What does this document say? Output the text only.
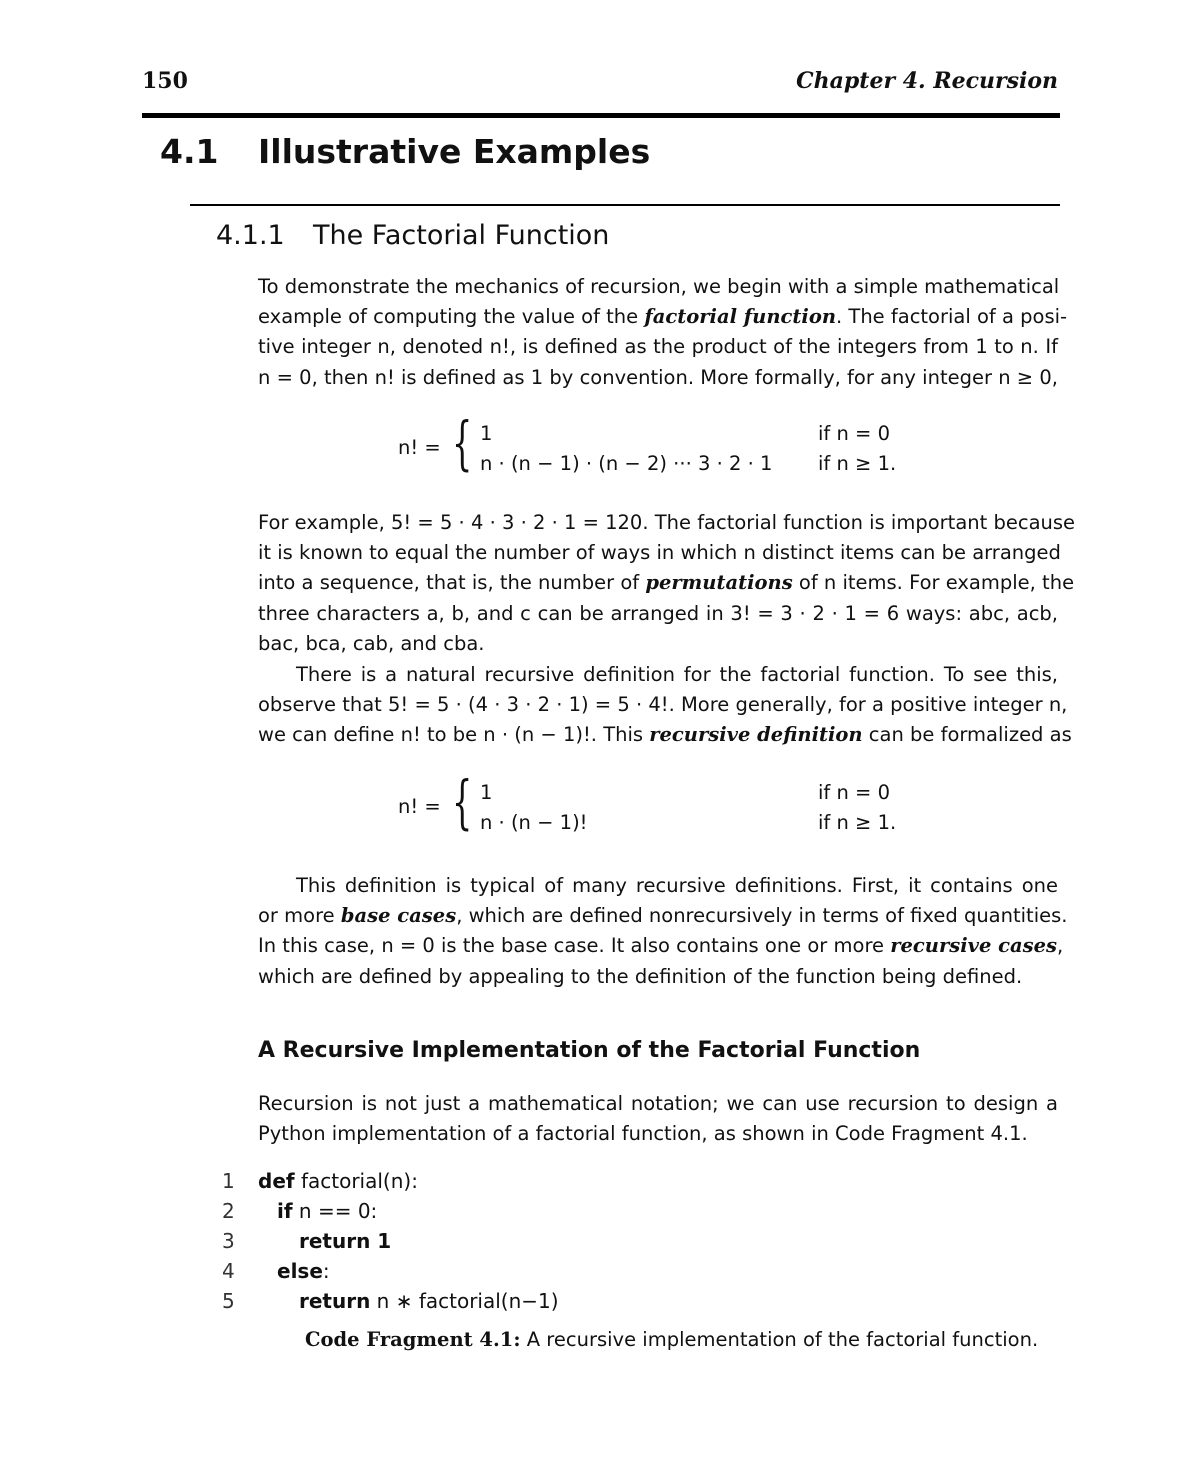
150	Chapter 4. Recursion
4.1 Illustrative Examples
4.1.1 The Factorial Function
To demonstrate the mechanics of recursion, we begin with a simple mathematical
example of computing the value of the factorial function. The factorial of a posi-
tive integer n, denoted n!, is defined as the product of the integers from 1 to n. If
n = 0, then n! is defined as 1 by convention. More formally, for any integer n ≥ 0,
n! = { 1	if n = 0
n · (n − 1) · (n − 2) ··· 3 · 2 · 1 if n ≥ 1.
For example, 5! = 5 · 4 · 3 · 2 · 1 = 120. The factorial function is important because
it is known to equal the number of ways in which n distinct items can be arranged
into a sequence, that is, the number of permutations of n items. For example, the
three characters a, b, and c can be arranged in 3! = 3 · 2 · 1 = 6 ways: abc, acb,
bac, bca, cab, and cba.
There is a natural recursive definition for the factorial function. To see this,
observe that 5! = 5 · (4 · 3 · 2 · 1) = 5 · 4!. More generally, for a positive integer n,
we can define n! to be n · (n − 1)!. This recursive definition can be formalized as
n! = { 1	if n = 0
n · (n − 1)!	if n ≥ 1.
This definition is typical of many recursive definitions. First, it contains one
or more base cases, which are defined nonrecursively in terms of fixed quantities.
In this case, n = 0 is the base case. It also contains one or more recursive cases,
which are defined by appealing to the definition of the function being defined.
A Recursive Implementation of the Factorial Function
Recursion is not just a mathematical notation; we can use recursion to design a
Python implementation of a factorial function, as shown in Code Fragment 4.1.
1 def factorial(n):
2 if n == 0:
3	return 1
4 else:
5	return n ∗ factorial(n−1)
Code Fragment 4.1: A recursive implementation of the factorial function.
